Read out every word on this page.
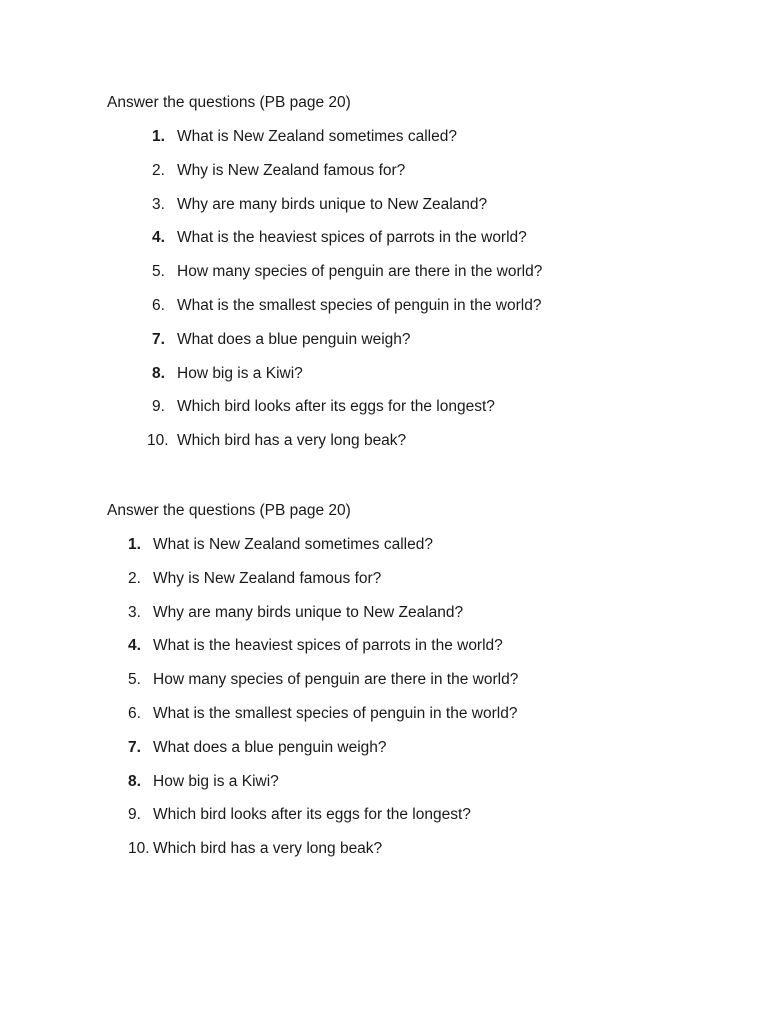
Answer the questions (PB page 20)
1. What is New Zealand sometimes called?
2. Why is New Zealand famous for?
3. Why are many birds unique to New Zealand?
4. What is the heaviest spices of parrots in the world?
5. How many species of penguin are there in the world?
6. What is the smallest species of penguin in the world?
7. What does a blue penguin weigh?
8. How big is a Kiwi?
9. Which bird looks after its eggs for the longest?
10. Which bird has a very long beak?
Answer the questions (PB page 20)
1. What is New Zealand sometimes called?
2. Why is New Zealand famous for?
3. Why are many birds unique to New Zealand?
4. What is the heaviest spices of parrots in the world?
5. How many species of penguin are there in the world?
6. What is the smallest species of penguin in the world?
7. What does a blue penguin weigh?
8. How big is a Kiwi?
9. Which bird looks after its eggs for the longest?
10. Which bird has a very long beak?
